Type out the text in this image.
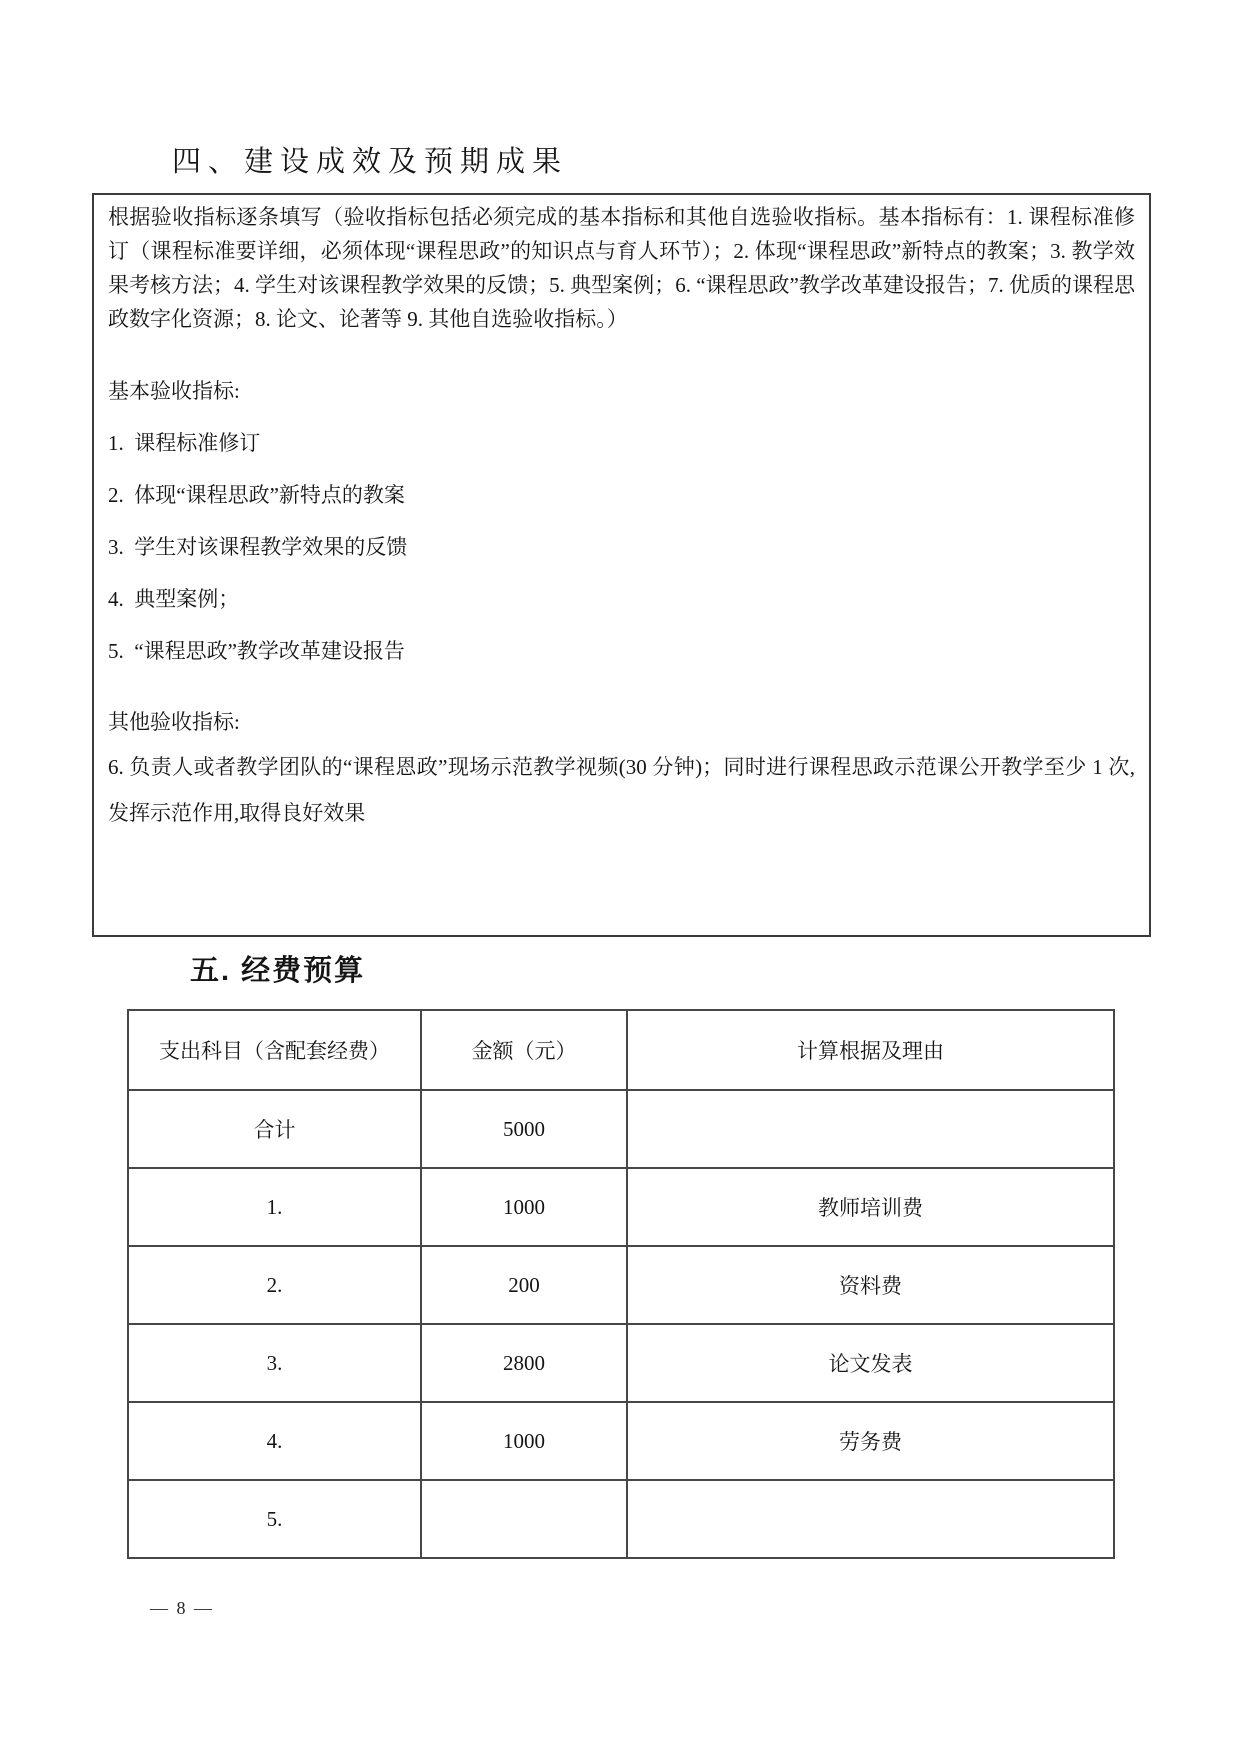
四、建设成效及预期成果

根据验收指标逐条填写（验收指标包括必须完成的基本指标和其他自选验收指标。基本指标有：1. 课程标准修订（课程标准要详细，必须体现“课程思政”的知识点与育人环节）；2. 体现“课程思政”新特点的教案；3. 教学效果考核方法；4. 学生对该课程教学效果的反馈；5. 典型案例；6. “课程思政”教学改革建设报告；7. 优质的课程思政数字化资源；8. 论文、论著等 9. 其他自选验收指标。）

基本验收指标:

1.  课程标准修订

2.  体现“课程思政”新特点的教案

3.  学生对该课程教学效果的反馈

4.  典型案例；

5.  “课程思政”教学改革建设报告

其他验收指标:

6. 负责人或者教学团队的“课程恩政”现场示范教学视频(30 分钟)；同时进行课程思政示范课公开教学至少 1 次,发挥示范作用,取得良好效果

五. 经费预算
支出科目（含配套经费）	金额（元）	计算根据及理由
合计	5000	
1.	1000	教师培训费
2.	200	资料费
3.	2800	论文发表
4.	1000	劳务费
5.		
— 8 —
